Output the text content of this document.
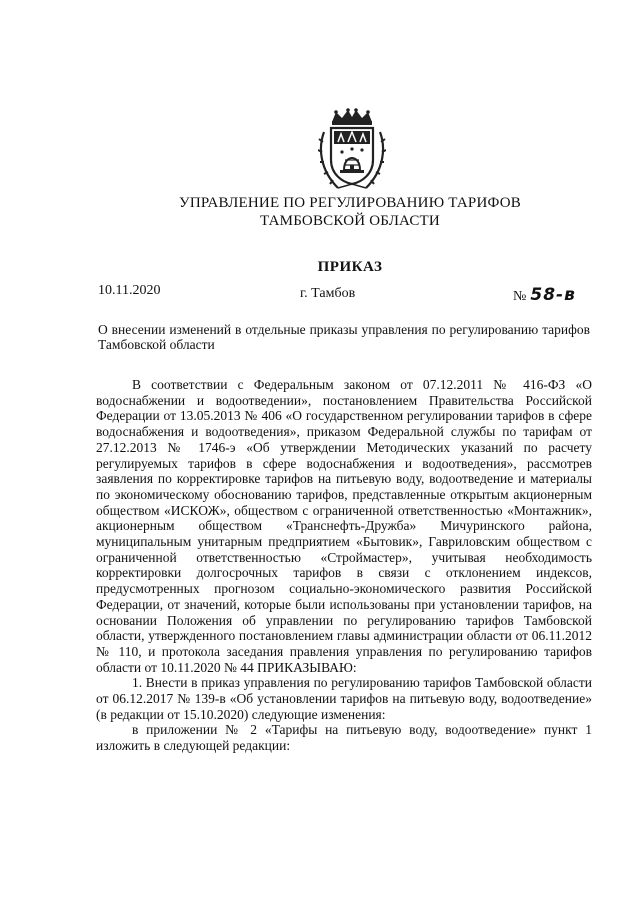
УПРАВЛЕНИЕ ПО РЕГУЛИРОВАНИЮ ТАРИФОВ
ТАМБОВСКОЙ ОБЛАСТИ
ПРИКАЗ
10.11.2020	г. Тамбов	№ 58-в
О внесении изменений в отдельные приказы управления по регулированию тарифов Тамбовской области

В соответствии с Федеральным законом от 07.12.2011 № 416-ФЗ «О водоснабжении и водоотведении», постановлением Правительства Российской Федерации от 13.05.2013 № 406 «О государственном регулировании тарифов в сфере водоснабжения и водоотведения», приказом Федеральной службы по тарифам от 27.12.2013 № 1746-э «Об утверждении Методических указаний по расчету регулируемых тарифов в сфере водоснабжения и водоотведения», рассмотрев заявления по корректировке тарифов на питьевую воду, водоотведение и материалы по экономическому обоснованию тарифов, представленные открытым акционерным обществом «ИСКОЖ», обществом с ограниченной ответственностью «Монтажник», акционерным обществом «Транснефть-Дружба» Мичуринского района, муниципальным унитарным предприятием «Бытовик», Гавриловским обществом с ограниченной ответственностью «Строймастер», учитывая необходимость корректировки долгосрочных тарифов в связи с отклонением индексов, предусмотренных прогнозом социально-экономического развития Российской Федерации, от значений, которые были использованы при установлении тарифов, на основании Положения об управлении по регулированию тарифов Тамбовской области, утвержденного постановлением главы администрации области от 06.11.2012 № 110, и протокола заседания правления управления по регулированию тарифов области от 10.11.2020 № 44 ПРИКАЗЫВАЮ:

1. Внести в приказ управления по регулированию тарифов Тамбовской области от 06.12.2017 № 139-в «Об установлении тарифов на питьевую воду, водоотведение» (в редакции от 15.10.2020) следующие изменения:

в приложении № 2 «Тарифы на питьевую воду, водоотведение» пункт 1 изложить в следующей редакции:
